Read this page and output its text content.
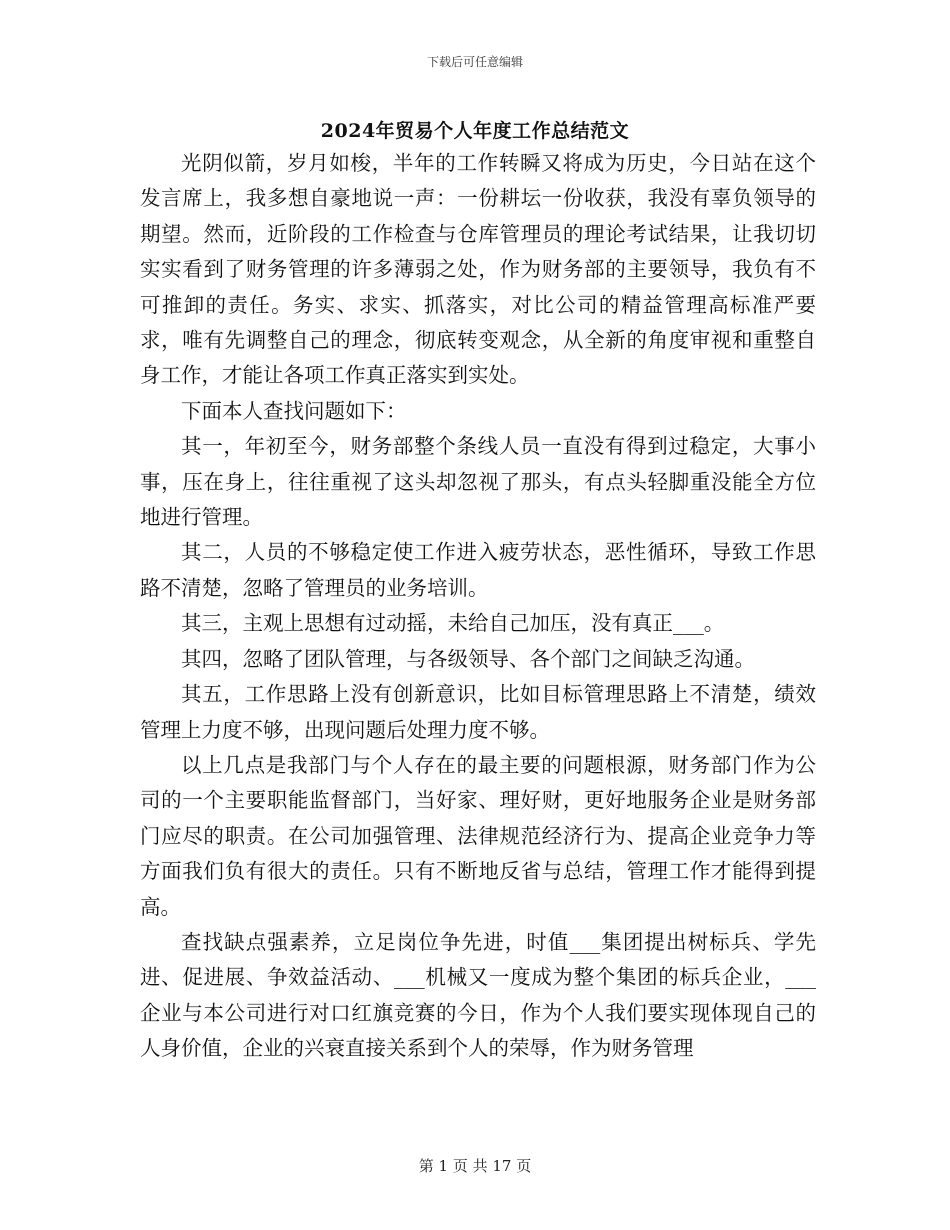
下载后可任意编辑
2024年贸易个人年度工作总结范文

光阴似箭，岁月如梭，半年的工作转瞬又将成为历史，今日站在这个发言席上，我多想自豪地说一声：一份耕坛一份收获，我没有辜负领导的期望。然而，近阶段的工作检查与仓库管理员的理论考试结果，让我切切实实看到了财务管理的许多薄弱之处，作为财务部的主要领导，我负有不可推卸的责任。务实、求实、抓落实，对比公司的精益管理高标准严要求，唯有先调整自己的理念，彻底转变观念，从全新的角度审视和重整自身工作，才能让各项工作真正落实到实处。

下面本人查找问题如下：

其一，年初至今，财务部整个条线人员一直没有得到过稳定，大事小事，压在身上，往往重视了这头却忽视了那头，有点头轻脚重没能全方位地进行管理。

其二，人员的不够稳定使工作进入疲劳状态，恶性循环，导致工作思路不清楚，忽略了管理员的业务培训。

其三，主观上思想有过动摇，未给自己加压，没有真正___。

其四，忽略了团队管理，与各级领导、各个部门之间缺乏沟通。

其五，工作思路上没有创新意识，比如目标管理思路上不清楚，绩效管理上力度不够，出现问题后处理力度不够。

以上几点是我部门与个人存在的最主要的问题根源，财务部门作为公司的一个主要职能监督部门，当好家、理好财，更好地服务企业是财务部门应尽的职责。在公司加强管理、法律规范经济行为、提高企业竞争力等方面我们负有很大的责任。只有不断地反省与总结，管理工作才能得到提高。

查找缺点强素养，立足岗位争先进，时值___集团提出树标兵、学先进、促进展、争效益活动、___机械又一度成为整个集团的标兵企业，___企业与本公司进行对口红旗竞赛的今日，作为个人我们要实现体现自己的人身价值，企业的兴衰直接关系到个人的荣辱，作为财务管理

第 1 页 共 17 页
